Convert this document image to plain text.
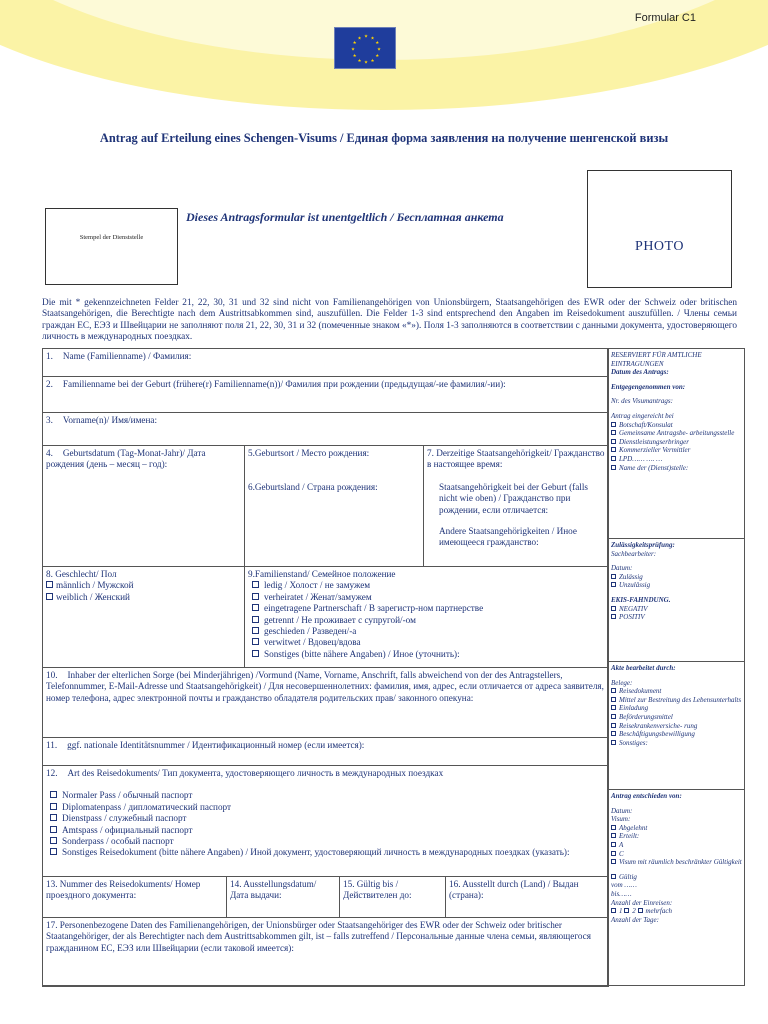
Formular C1
★ ★
★
★
★
★
★
★
★
★
★
★
Antrag auf Erteilung eines Schengen-Visums / Единая форма заявления на получение шенгенской визы
Stempel der Dienststelle
Dieses Antragsformular ist unentgeltlich / Бесплатная анкета
PHOTO
Die mit * gekennzeichneten Felder 21, 22, 30, 31 und 32 sind nicht von Familienangehörigen von Unionsbürgern, Staatsangehörigen des EWR oder der Schweiz oder britischen Staatsangehörigen, die Berechtigte nach dem Austrittsabkommen sind, auszufüllen. Die Felder 1-3 sind entsprechend den Angaben im Reisedokument auszufüllen. / Члены семьи граждан ЕС, ЕЭЗ и Швейцарии не заполняют поля 21, 22, 30, 31 и 32 (помеченные знаком «*»). Поля 1-3 заполняются в соответствии с данными документа, удостоверяющего личность в международных поездках.
1. Name (Familienname) / Фамилия:
2. Familienname bei der Geburt (frühere(r) Familienname(n))/ Фамилия при рождении (предыдущая/-ие фамилия/-ии):
3. Vorname(n)/ Имя/имена:
4. Geburtsdatum (Tag-Monat-Jahr)/ Дата рождения (день – месяц – год):
5.Geburtsort / Место рождения:
6.Geburtsland / Страна рождения:
7. Derzeitige Staatsangehörigkeit/ Гражданство в настоящее время:
Staatsangehörigkeit bei der Geburt (falls nicht wie oben) / Гражданство при рождении, если отличается:
Andere Staatsangehörigkeiten / Иное имеющееся гражданство:
8. Geschlecht/ Пол
männlich / Мужской
weiblich / Женский
9.Familienstand/ Семейное положение
ledig / Холост / не замужем
verheiratet / Женат/замужем
eingetragene Partnerschaft / В зарегистр-ном партнерстве
getrennt / Не проживает с супругой/-ом
geschieden / Разведен/-а
verwitwet / Вдовец/вдова
Sonstiges (bitte nähere Angaben) / Иное (уточнить):
10. Inhaber der elterlichen Sorge (bei Minderjährigen) /Vormund (Name, Vorname, Anschrift, falls abweichend von der des Antragstellers, Telefonnummer, E-Mail-Adresse und Staatsangehörigkeit) / Для несовершеннолетних: фамилия, имя, адрес, если отличается от адреса заявителя, номер телефона, адрес электронной почты и гражданство обладателя родительских прав/ законного опекуна:
11. ggf. nationale Identitätsnummer / Идентификационный номер (если имеется):
12. Art des Reisedokuments/ Тип документа, удостоверяющего личность в международных поездках
Normaler Pass / обычный паспорт
Diplomatenpass / дипломатический паспорт
Dienstpass / служебный паспорт
Amtspass / официальный паспорт
Sonderpass / особый паспорт
Sonstiges Reisedokument (bitte nähere Angaben) / Иной документ, удостоверяющий личность в международных поездках (указать):
13. Nummer des Reisedokuments/ Номер проездного документа:
14. Ausstellungsdatum/ Дата выдачи:
15. Gültig bis / Действителен до:
16. Ausstellt durch (Land) / Выдан (страна):
17. Personenbezogene Daten des Familienangehörigen, der Unionsbürger oder Staatsangehöriger des EWR oder der Schweiz oder britischer Staatangehöriger, der als Berechtigter nach dem Austrittsabkommen gilt, ist – falls zutreffend / Персональные данные члена семьи, являющегося гражданином ЕС, ЕЭЗ или Швейцарии (если таковой имеется):
RESERVIERT FÜR AMTLICHE EINTRAGUNGEN
Datum des Antrags:
Entgegengenommen von:
Nr. des Visumantrags:
Antrag eingereicht bei
Botschaft/Konsulat
Gemeinsame Antragsbe- arbeitungsstelle
Dienstleistungserbringer
Kommerzieller Vermittler
LPD…… …. …
Name der (Dienst)stelle:
Zulässigkeitsprüfung:
Sachbearbeiter:
Datum:
Zulässig
Unzulässig
EKIS-FAHNDUNG.
NEGATIV
POSITIV
Akte bearbeitet durch:
Belege:
Reisedokument
Mittel zur Bestreitung des Lebensunterhalts
Einladung
Beförderungsmittel
Reisekrankenversiche- rung
Beschäftigungsbewilligung
Sonstiges:
Antrag entschieden von:
Datum:
Visum:
Abgelehnt
Erteilt:
A
C
Visum mit räumlich beschränkter Gültigkeit
Gültig
vom ……
bis……
Anzahl der Einreisen:
1 2 mehrfach
Anzahl der Tage:
